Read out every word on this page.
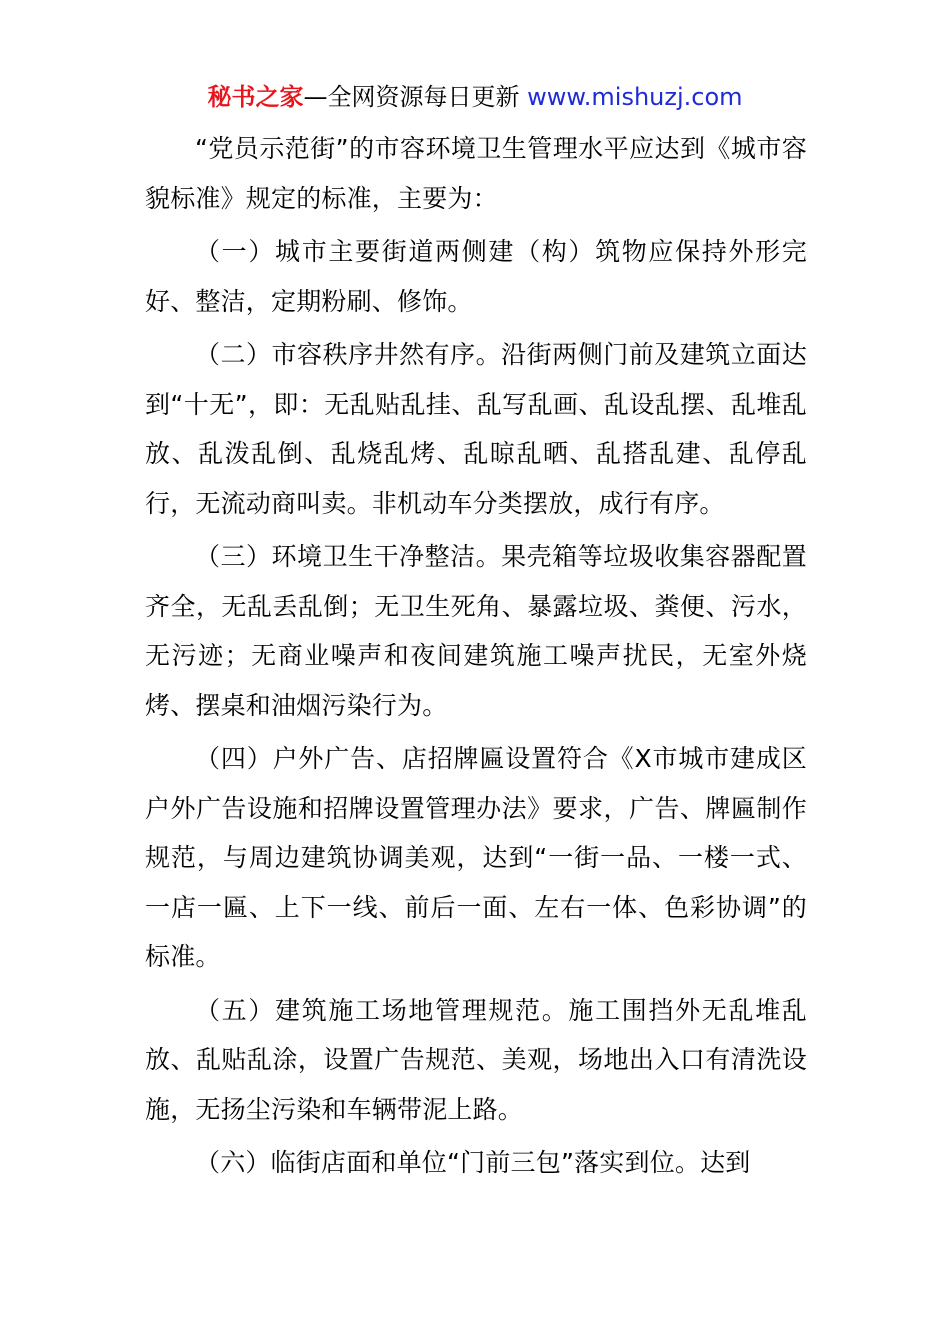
秘书之家—全网资源每日更新 www.mishuzj.com

“党员示范街”的市容环境卫生管理水平应达到《城市容貌标准》规定的标准，主要为：

（一）城市主要街道两侧建（构）筑物应保持外形完好、整洁，定期粉刷、修饰。

（二）市容秩序井然有序。沿街两侧门前及建筑立面达到“十无”，即：无乱贴乱挂、乱写乱画、乱设乱摆、乱堆乱放、乱泼乱倒、乱烧乱烤、乱晾乱晒、乱搭乱建、乱停乱行，无流动商叫卖。非机动车分类摆放，成行有序。

（三）环境卫生干净整洁。果壳箱等垃圾收集容器配置齐全，无乱丢乱倒；无卫生死角、暴露垃圾、粪便、污水，无污迹；无商业噪声和夜间建筑施工噪声扰民，无室外烧烤、摆桌和油烟污染行为。

（四）户外广告、店招牌匾设置符合《X市城市建成区户外广告设施和招牌设置管理办法》要求，广告、牌匾制作规范，与周边建筑协调美观，达到“一街一品、一楼一式、一店一匾、上下一线、前后一面、左右一体、色彩协调”的标准。

（五）建筑施工场地管理规范。施工围挡外无乱堆乱放、乱贴乱涂，设置广告规范、美观，场地出入口有清洗设施，无扬尘污染和车辆带泥上路。

（六）临街店面和单位“门前三包”落实到位。达到
